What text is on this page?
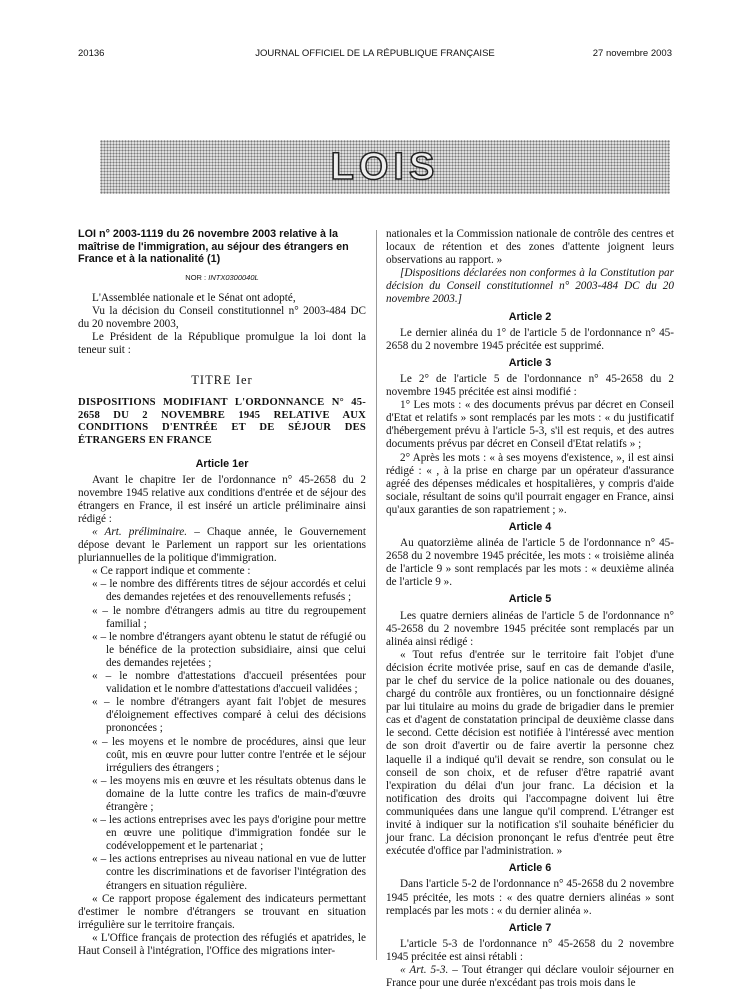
20136	JOURNAL OFFICIEL DE LA RÉPUBLIQUE FRANÇAISE	27 novembre 2003
LOIS
LOI n° 2003-1119 du 26 novembre 2003 relative à la maîtrise de l'immigration, au séjour des étrangers en France et à la nationalité (1)
NOR : INTX0300040L

L'Assemblée nationale et le Sénat ont adopté,

Vu la décision du Conseil constitutionnel n° 2003-484 DC du 20 novembre 2003,

Le Président de la République promulgue la loi dont la teneur suit :

TITRE Ier
DISPOSITIONS MODIFIANT L'ORDONNANCE N° 45-2658 DU 2 NOVEMBRE 1945 RELATIVE AUX CONDITIONS D'ENTRÉE ET DE SÉJOUR DES ÉTRANGERS EN FRANCE
Article 1er

Avant le chapitre Ier de l'ordonnance n° 45-2658 du 2 novembre 1945 relative aux conditions d'entrée et de séjour des étrangers en France, il est inséré un article préliminaire ainsi rédigé :

« Art. préliminaire. – Chaque année, le Gouvernement dépose devant le Parlement un rapport sur les orientations pluriannuelles de la politique d'immigration.

« Ce rapport indique et commente :

« – le nombre des différents titres de séjour accordés et celui des demandes rejetées et des renouvellements refusés ;
« – le nombre d'étrangers admis au titre du regroupement familial ;
« – le nombre d'étrangers ayant obtenu le statut de réfugié ou le bénéfice de la protection subsidiaire, ainsi que celui des demandes rejetées ;
« – le nombre d'attestations d'accueil présentées pour validation et le nombre d'attestations d'accueil validées ;
« – le nombre d'étrangers ayant fait l'objet de mesures d'éloignement effectives comparé à celui des décisions prononcées ;
« – les moyens et le nombre de procédures, ainsi que leur coût, mis en œuvre pour lutter contre l'entrée et le séjour irréguliers des étrangers ;
« – les moyens mis en œuvre et les résultats obtenus dans le domaine de la lutte contre les trafics de main-d'œuvre étrangère ;
« – les actions entreprises avec les pays d'origine pour mettre en œuvre une politique d'immigration fondée sur le codéveloppement et le partenariat ;
« – les actions entreprises au niveau national en vue de lutter contre les discriminations et de favoriser l'intégration des étrangers en situation régulière.

« Ce rapport propose également des indicateurs permettant d'estimer le nombre d'étrangers se trouvant en situation irrégulière sur le territoire français.

« L'Office français de protection des réfugiés et apatrides, le Haut Conseil à l'intégration, l'Office des migrations inter-

nationales et la Commission nationale de contrôle des centres et locaux de rétention et des zones d'attente joignent leurs observations au rapport. »

[Dispositions déclarées non conformes à la Constitution par décision du Conseil constitutionnel n° 2003-484 DC du 20 novembre 2003.]

Article 2

Le dernier alinéa du 1° de l'article 5 de l'ordonnance n° 45-2658 du 2 novembre 1945 précitée est supprimé.

Article 3

Le 2° de l'article 5 de l'ordonnance n° 45-2658 du 2 novembre 1945 précitée est ainsi modifié :

1° Les mots : « des documents prévus par décret en Conseil d'Etat et relatifs » sont remplacés par les mots : « du justificatif d'hébergement prévu à l'article 5-3, s'il est requis, et des autres documents prévus par décret en Conseil d'Etat relatifs » ;

2° Après les mots : « à ses moyens d'existence, », il est ainsi rédigé : « , à la prise en charge par un opérateur d'assurance agréé des dépenses médicales et hospitalières, y compris d'aide sociale, résultant de soins qu'il pourrait engager en France, ainsi qu'aux garanties de son rapatriement ; ».

Article 4

Au quatorzième alinéa de l'article 5 de l'ordonnance n° 45-2658 du 2 novembre 1945 précitée, les mots : « troisième alinéa de l'article 9 » sont remplacés par les mots : « deuxième alinéa de l'article 9 ».

Article 5

Les quatre derniers alinéas de l'article 5 de l'ordonnance n° 45-2658 du 2 novembre 1945 précitée sont remplacés par un alinéa ainsi rédigé :

« Tout refus d'entrée sur le territoire fait l'objet d'une décision écrite motivée prise, sauf en cas de demande d'asile, par le chef du service de la police nationale ou des douanes, chargé du contrôle aux frontières, ou un fonctionnaire désigné par lui titulaire au moins du grade de brigadier dans le premier cas et d'agent de constatation principal de deuxième classe dans le second. Cette décision est notifiée à l'intéressé avec mention de son droit d'avertir ou de faire avertir la personne chez laquelle il a indiqué qu'il devait se rendre, son consulat ou le conseil de son choix, et de refuser d'être rapatrié avant l'expiration du délai d'un jour franc. La décision et la notification des droits qui l'accompagne doivent lui être communiquées dans une langue qu'il comprend. L'étranger est invité à indiquer sur la notification s'il souhaite bénéficier du jour franc. La décision prononçant le refus d'entrée peut être exécutée d'office par l'administration. »

Article 6

Dans l'article 5-2 de l'ordonnance n° 45-2658 du 2 novembre 1945 précitée, les mots : « des quatre derniers alinéas » sont remplacés par les mots : « du dernier alinéa ».

Article 7

L'article 5-3 de l'ordonnance n° 45-2658 du 2 novembre 1945 précitée est ainsi rétabli :

« Art. 5-3. – Tout étranger qui déclare vouloir séjourner en France pour une durée n'excédant pas trois mois dans le
